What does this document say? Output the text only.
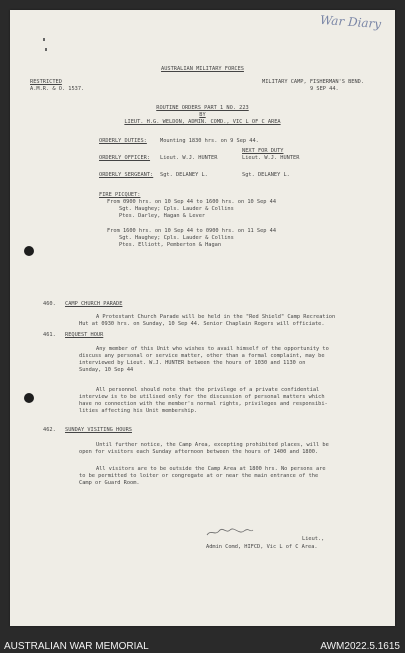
War Diary
AUSTRALIAN MILITARY FORCES
RESTRICTED
A.M.R. & O. 1537.
MILITARY CAMP, FISHERMAN'S BEND.
9 SEP 44.
ROUTINE ORDERS PART 1 NO. 223
BY
LIEUT. H.G. WELDON, ADMIN. COMD., VIC L OF C AREA
ORDERLY DUTIES: Mounting 1830 hrs. on 9 Sep 44.
NEXT FOR DUTY
ORDERLY OFFICER: Lieut. W.J. HUNTER	Lieut. W.J. HUNTER
ORDERLY SERGEANT: Sgt. DELANEY L.	Sgt. DELANEY L.
FIRE PICQUET:
From 0900 hrs. on 10 Sep 44 to 1600 hrs. on 10 Sep 44
Sgt. Haughey; Cpls. Lauder & Collins
Ptes. Darley, Hagan & Lever
From 1600 hrs. on 10 Sep 44 to 0900 hrs. on 11 Sep 44
Sgt. Haughey; Cpls. Lauder & Collins
Ptes. Elliott, Pemberton & Hagan
460. CAMP CHURCH PARADE
A Protestant Church Parade will be held in the "Red Shield" Camp Recreation
Hut at 0930 hrs. on Sunday, 10 Sep 44. Senior Chaplain Rogers will officiate.
461. REQUEST HOUR
Any member of this Unit who wishes to avail himself of the opportunity to
discuss any personal or service matter, other than a formal complaint, may be
interviewed by Lieut. W.J. HUNTER between the hours of 1030 and 1130 on
Sunday, 10 Sep 44
All personnel should note that the privilege of a private confidential
interview is to be utilised only for the discussion of personal matters which
have no connection with the member's normal rights, privileges and responsibi-
lities affecting his Unit membership.
462. SUNDAY VISITING HOURS
Until further notice, the Camp Area, excepting prohibited places, will be
open for visitors each Sunday afternoon between the hours of 1400 and 1800.
All visitors are to be outside the Camp Area at 1800 hrs. No persons are
to be permitted to loiter or congregate at or near the main entrance of the
Camp or Guard Room.
Lieut.,
Admin Comd, HIFCD, Vic L of C Area.
AUSTRALIAN WAR MEMORIAL	AWM2022.5.1615
